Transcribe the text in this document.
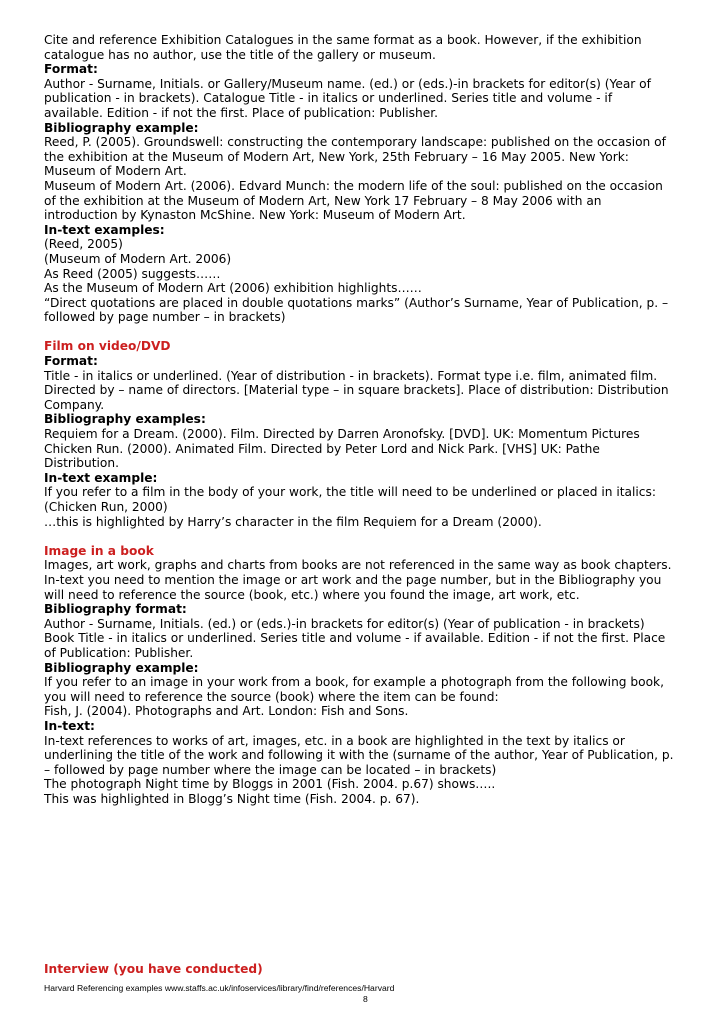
Cite and reference Exhibition Catalogues in the same format as a book. However, if the exhibition
catalogue has no author, use the title of the gallery or museum.
Format:
Author - Surname, Initials. or Gallery/Museum name. (ed.) or (eds.)-in brackets for editor(s) (Year of
publication - in brackets). Catalogue Title - in italics or underlined. Series title and volume - if
available. Edition - if not the first. Place of publication: Publisher.
Bibliography example:
Reed, P. (2005). Groundswell: constructing the contemporary landscape: published on the occasion of
the exhibition at the Museum of Modern Art, New York, 25th February – 16 May 2005. New York:
Museum of Modern Art.
Museum of Modern Art. (2006). Edvard Munch: the modern life of the soul: published on the occasion
of the exhibition at the Museum of Modern Art, New York 17 February – 8 May 2006 with an
introduction by Kynaston McShine. New York: Museum of Modern Art.
In-text examples:
(Reed, 2005)
(Museum of Modern Art. 2006)
As Reed (2005) suggests……
As the Museum of Modern Art (2006) exhibition highlights……
“Direct quotations are placed in double quotations marks” (Author’s Surname, Year of Publication, p. –
followed by page number – in brackets)
Film on video/DVD
Format:
Title - in italics or underlined. (Year of distribution - in brackets). Format type i.e. film, animated film.
Directed by – name of directors. [Material type – in square brackets]. Place of distribution: Distribution
Company.
Bibliography examples:
Requiem for a Dream. (2000). Film. Directed by Darren Aronofsky. [DVD]. UK: Momentum Pictures
Chicken Run. (2000). Animated Film. Directed by Peter Lord and Nick Park. [VHS] UK: Pathe
Distribution.
In-text example:
If you refer to a film in the body of your work, the title will need to be underlined or placed in italics:
(Chicken Run, 2000)
…this is highlighted by Harry’s character in the film Requiem for a Dream (2000).
Image in a book
Images, art work, graphs and charts from books are not referenced in the same way as book chapters.
In-text you need to mention the image or art work and the page number, but in the Bibliography you
will need to reference the source (book, etc.) where you found the image, art work, etc.
Bibliography format:
Author - Surname, Initials. (ed.) or (eds.)-in brackets for editor(s) (Year of publication - in brackets)
Book Title - in italics or underlined. Series title and volume - if available. Edition - if not the first. Place
of Publication: Publisher.
Bibliography example:
If you refer to an image in your work from a book, for example a photograph from the following book,
you will need to reference the source (book) where the item can be found:
Fish, J. (2004). Photographs and Art. London: Fish and Sons.
In-text:
In-text references to works of art, images, etc. in a book are highlighted in the text by italics or
underlining the title of the work and following it with the (surname of the author, Year of Publication, p.
– followed by page number where the image can be located – in brackets)
The photograph Night time by Bloggs in 2001 (Fish. 2004. p.67) shows…..
This was highlighted in Blogg’s Night time (Fish. 2004. p. 67).
Interview (you have conducted)
Harvard Referencing examples www.staffs.ac.uk/infoservices/library/find/references/Harvard
8
